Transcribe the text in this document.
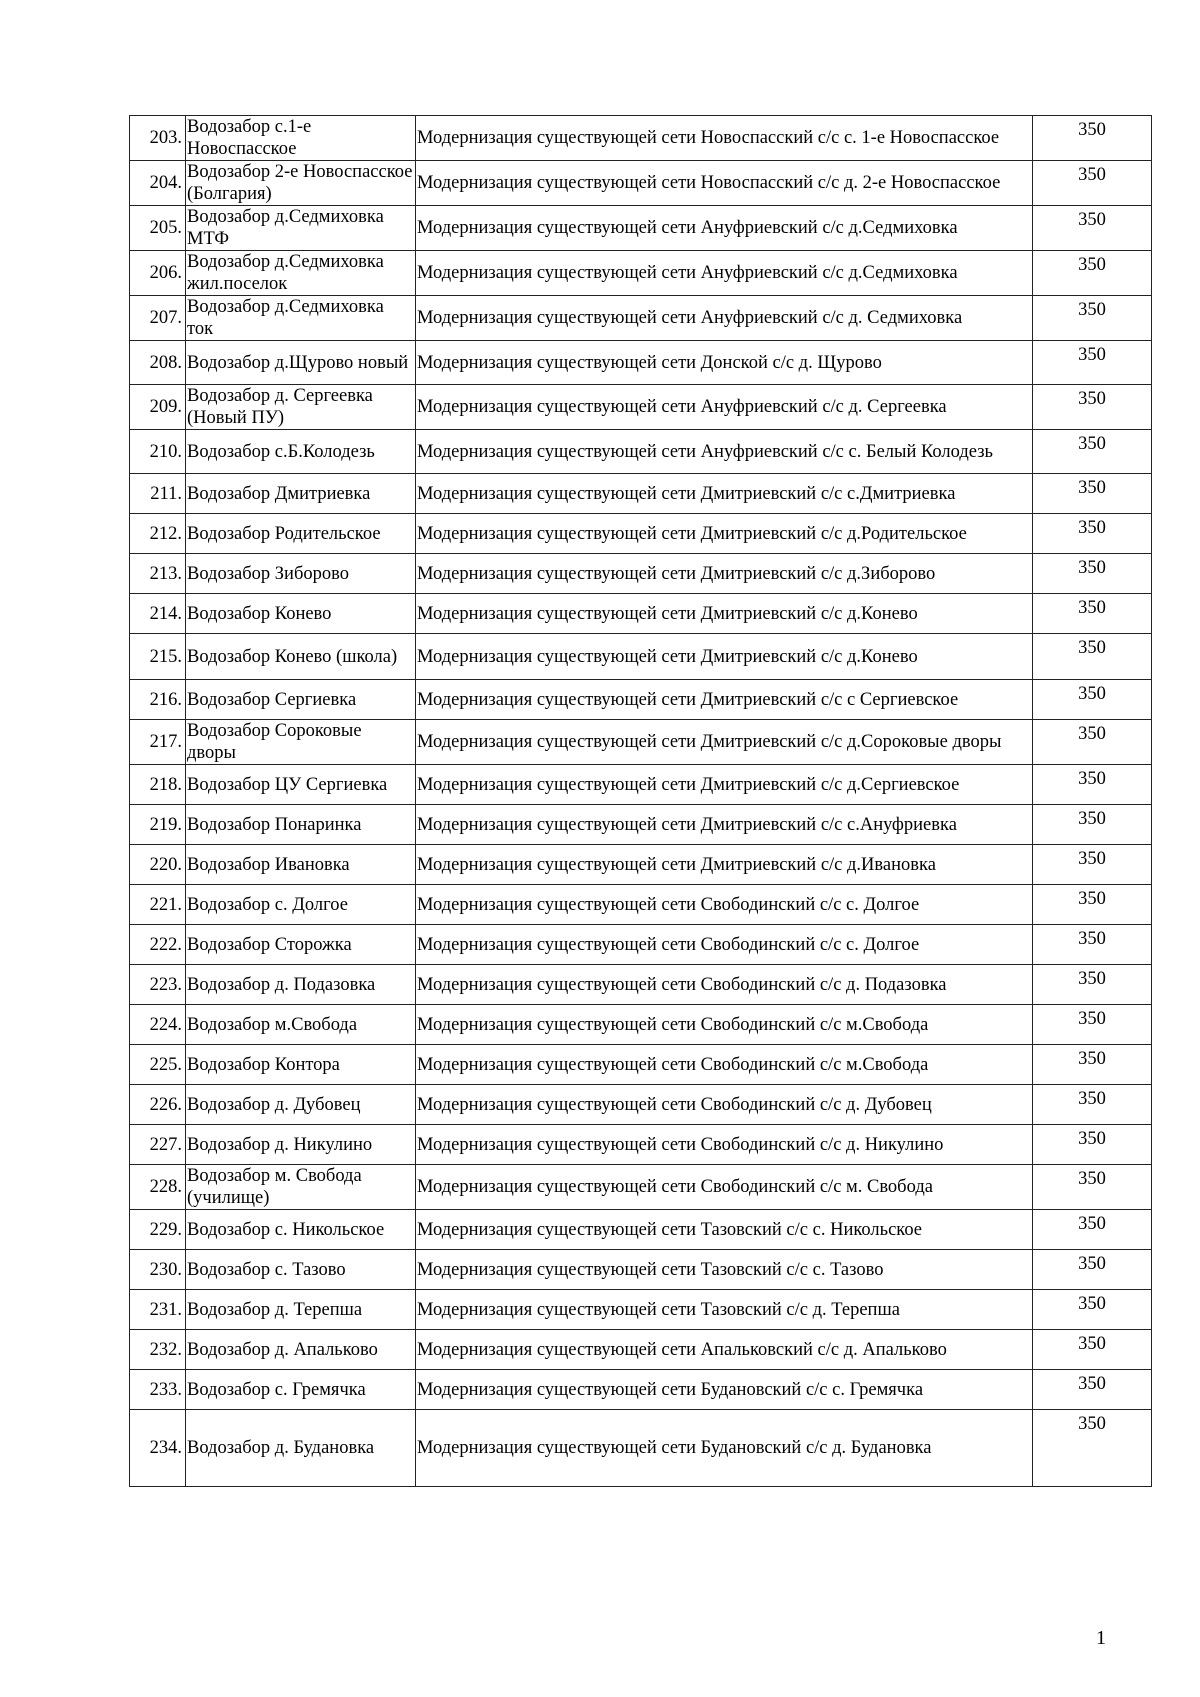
203.	Водозабор с.1-е Новоспасское	Модернизация существующей сети Новоспасский с/с с. 1-е Новоспасское	350
204.	Водозабор 2-е Новоспасское (Болгария)	Модернизация существующей сети Новоспасский с/с д. 2-е Новоспасское	350
205.	Водозабор д.Седмиховка МТФ	Модернизация существующей сети Ануфриевский с/с д.Седмиховка	350
206.	Водозабор д.Седмиховка жил.поселок	Модернизация существующей сети Ануфриевский с/с д.Седмиховка	350
207.	Водозабор д.Седмиховка ток	Модернизация существующей сети Ануфриевский с/с д. Седмиховка	350
208.	Водозабор д.Щурово новый	Модернизация существующей сети Донской с/с д. Щурово	350
209.	Водозабор д. Сергеевка (Новый ПУ)	Модернизация существующей сети Ануфриевский с/с д. Сергеевка	350
210.	Водозабор с.Б.Колодезь	Модернизация существующей сети Ануфриевский с/с с. Белый Колодезь	350
211.	Водозабор Дмитриевка	Модернизация существующей сети Дмитриевский с/с с.Дмитриевка	350
212.	Водозабор Родительское	Модернизация существующей сети Дмитриевский с/с д.Родительское	350
213.	Водозабор Зиборово	Модернизация существующей сети Дмитриевский с/с д.Зиборово	350
214.	Водозабор Конево	Модернизация существующей сети Дмитриевский с/с д.Конево	350
215.	Водозабор Конево (школа)	Модернизация существующей сети Дмитриевский с/с д.Конево	350
216.	Водозабор Сергиевка	Модернизация существующей сети Дмитриевский с/с с Сергиевское	350
217.	Водозабор Сороковые дворы	Модернизация существующей сети Дмитриевский с/с д.Сороковые дворы	350
218.	Водозабор ЦУ Сергиевка	Модернизация существующей сети Дмитриевский с/с д.Сергиевское	350
219.	Водозабор Понаринка	Модернизация существующей сети Дмитриевский с/с с.Ануфриевка	350
220.	Водозабор Ивановка	Модернизация существующей сети Дмитриевский с/с д.Ивановка	350
221.	Водозабор с. Долгое	Модернизация существующей сети Свободинский с/с с. Долгое	350
222.	Водозабор Сторожка	Модернизация существующей сети Свободинский с/с с. Долгое	350
223.	Водозабор д. Подазовка	Модернизация существующей сети Свободинский с/с д. Подазовка	350
224.	Водозабор м.Свобода	Модернизация существующей сети Свободинский с/с м.Свобода	350
225.	Водозабор Контора	Модернизация существующей сети Свободинский с/с м.Свобода	350
226.	Водозабор д. Дубовец	Модернизация существующей сети Свободинский с/с д. Дубовец	350
227.	Водозабор д. Никулино	Модернизация существующей сети Свободинский с/с д. Никулино	350
228.	Водозабор м. Свобода (училище)	Модернизация существующей сети Свободинский с/с м. Свобода	350
229.	Водозабор с. Никольское	Модернизация существующей сети Тазовский с/с с. Никольское	350
230.	Водозабор с. Тазово	Модернизация существующей сети Тазовский с/с с. Тазово	350
231.	Водозабор д. Терепша	Модернизация существующей сети Тазовский с/с д. Терепша	350
232.	Водозабор д. Апальково	Модернизация существующей сети Апальковский с/с д. Апальково	350
233.	Водозабор с. Гремячка	Модернизация существующей сети Будановский с/с с. Гремячка	350
234.	Водозабор д. Будановка	Модернизация существующей сети Будановский с/с д. Будановка	350
1
